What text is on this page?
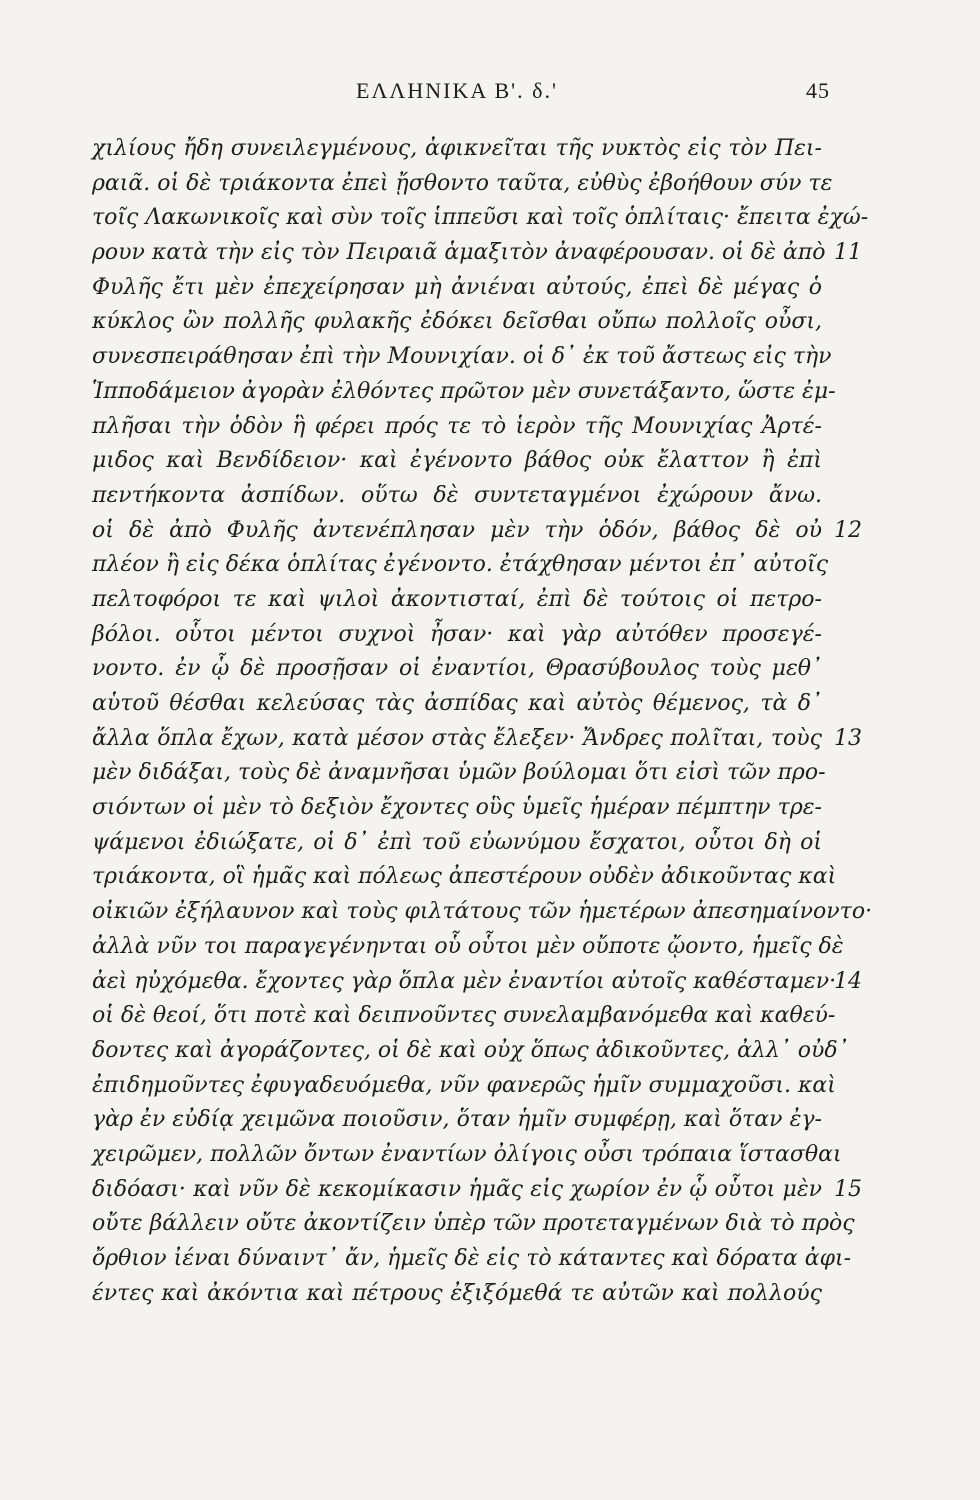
ΕΛΛΗΝΙΚΑ Β'. δ.'	45
χιλίους ἤδη συνειλεγμένους, ἀφικνεῖται τῆς νυκτὸς εἰς τὸν Πει-
ραιᾶ. οἱ δὲ τριάκοντα ἐπεὶ ᾔσθοντο ταῦτα, εὐθὺς ἐβοήθουν σύν τε
τοῖς Λακωνικοῖς καὶ σὺν τοῖς ἱππεῦσι καὶ τοῖς ὁπλίταις· ἔπειτα ἐχώ-
ρουν κατὰ τὴν εἰς τὸν Πειραιᾶ ἁμαξιτὸν ἀναφέρουσαν. οἱ δὲ ἀπὸ 11
Φυλῆς ἔτι μὲν ἐπεχείρησαν μὴ ἀνιέναι αὐτούς, ἐπεὶ δὲ μέγας ὁ
κύκλος ὢν πολλῆς φυλακῆς ἐδόκει δεῖσθαι οὔπω πολλοῖς οὖσι,
συνεσπειράθησαν ἐπὶ τὴν Μουνιχίαν. οἱ δ᾽ ἐκ τοῦ ἄστεως εἰς τὴν
Ἱπποδάμειον ἀγορὰν ἐλθόντες πρῶτον μὲν συνετάξαντο, ὥστε ἐμ-
πλῆσαι τὴν ὁδὸν ἣ φέρει πρός τε τὸ ἱερὸν τῆς Μουνιχίας Ἀρτέ-
μιδος καὶ Βενδίδειον· καὶ ἐγένοντο βάθος οὐκ ἔλαττον ἢ ἐπὶ
πεντήκοντα ἀσπίδων. οὕτω δὲ συντεταγμένοι ἐχώρουν ἄνω.
οἱ δὲ ἀπὸ Φυλῆς ἀντενέπλησαν μὲν τὴν ὁδόν, βάθος δὲ οὐ 12
πλέον ἢ εἰς δέκα ὁπλίτας ἐγένοντο. ἐτάχθησαν μέντοι ἐπ᾽ αὐτοῖς
πελτοφόροι τε καὶ ψιλοὶ ἀκοντισταί, ἐπὶ δὲ τούτοις οἱ πετρο-
βόλοι. οὗτοι μέντοι συχνοὶ ἦσαν· καὶ γὰρ αὐτόθεν προσεγέ-
νοντο. ἐν ᾧ δὲ προσῇσαν οἱ ἐναντίοι, Θρασύβουλος τοὺς μεθ᾽
αὑτοῦ θέσθαι κελεύσας τὰς ἀσπίδας καὶ αὐτὸς θέμενος, τὰ δ᾽
ἄλλα ὅπλα ἔχων, κατὰ μέσον στὰς ἔλεξεν· Ἄνδρες πολῖται, τοὺς 13
μὲν διδάξαι, τοὺς δὲ ἀναμνῆσαι ὑμῶν βούλομαι ὅτι εἰσὶ τῶν προ-
σιόντων οἱ μὲν τὸ δεξιὸν ἔχοντες οὓς ὑμεῖς ἡμέραν πέμπτην τρε-
ψάμενοι ἐδιώξατε, οἱ δ᾽ ἐπὶ τοῦ εὐωνύμου ἔσχατοι, οὗτοι δὴ οἱ
τριάκοντα, οἳ ἡμᾶς καὶ πόλεως ἀπεστέρουν οὐδὲν ἀδικοῦντας καὶ
οἰκιῶν ἐξήλαυνον καὶ τοὺς φιλτάτους τῶν ἡμετέρων ἀπεσημαίνοντο·
ἀλλὰ νῦν τοι παραγεγένηνται οὗ οὗτοι μὲν οὔποτε ᾤοντο, ἡμεῖς δὲ
ἀεὶ ηὐχόμεθα. ἔχοντες γὰρ ὅπλα μὲν ἐναντίοι αὐτοῖς καθέσταμεν·
14
οἱ δὲ θεοί, ὅτι ποτὲ καὶ δειπνοῦντες συνελαμβανόμεθα καὶ καθεύ-
δοντες καὶ ἀγοράζοντες, οἱ δὲ καὶ οὐχ ὅπως ἀδικοῦντες, ἀλλ᾽ οὐδ᾽
ἐπιδημοῦντες ἐφυγαδευόμεθα, νῦν φανερῶς ἡμῖν συμμαχοῦσι. καὶ
γὰρ ἐν εὐδίᾳ χειμῶνα ποιοῦσιν, ὅταν ἡμῖν συμφέρῃ, καὶ ὅταν ἐγ-
χειρῶμεν, πολλῶν ὄντων ἐναντίων ὀλίγοις οὖσι τρόπαια ἵστασθαι
διδόασι· καὶ νῦν δὲ κεκομίκασιν ἡμᾶς εἰς χωρίον ἐν ᾧ οὗτοι μὲν 15
οὔτε βάλλειν οὔτε ἀκοντίζειν ὑπὲρ τῶν προτεταγμένων διὰ τὸ πρὸς
ὄρθιον ἰέναι δύναιντ᾽ ἄν, ἡμεῖς δὲ εἰς τὸ κάταντες καὶ δόρατα ἀφι-
έντες καὶ ἀκόντια καὶ πέτρους ἐξιξόμεθά τε αὐτῶν καὶ πολλούς
